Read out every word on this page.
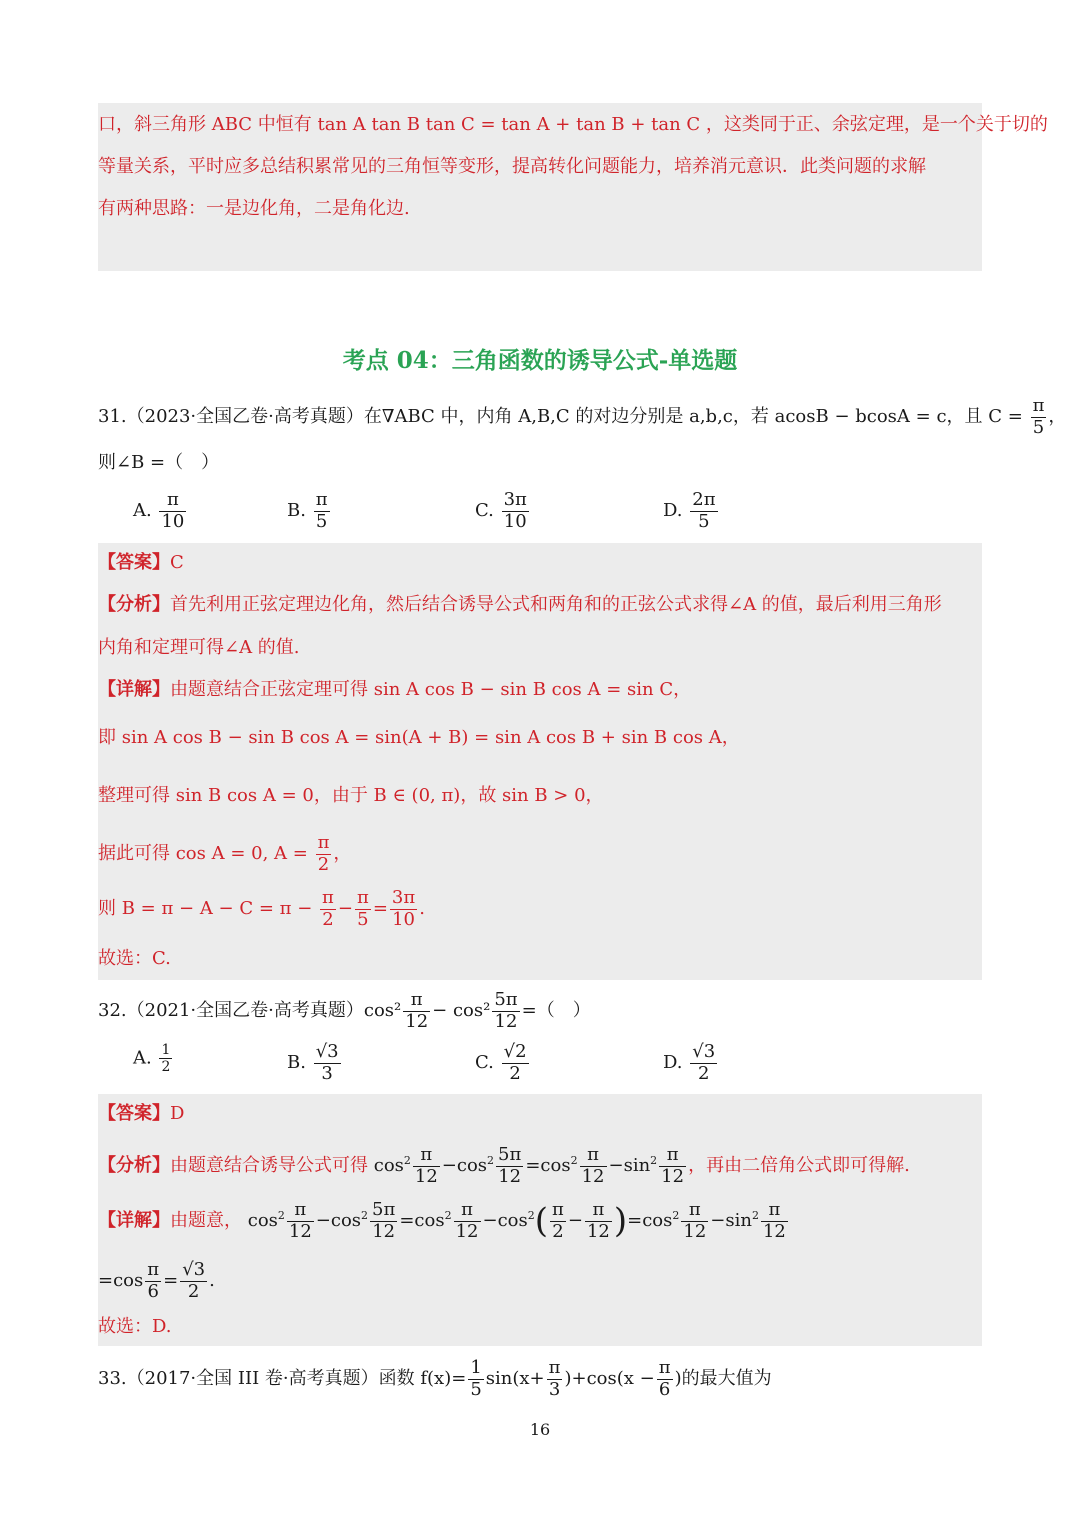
口，斜三角形 ABC 中恒有 tan A tan B tan C = tan A + tan B + tan C ，这类同于正、余弦定理，是一个关于切的
等量关系，平时应多总结积累常见的三角恒等变形，提高转化问题能力，培养消元意识．此类问题的求解
有两种思路：一是边化角，二是角化边.
考点 04：三角函数的诱导公式-单选题
31.（2023·全国乙卷·高考真题）在∇ABC 中，内角 A,B,C 的对边分别是 a,b,c，若 acosB − bcosA = c，且 $C = \frac{\pi}{5}$ ，
则∠B =（　）
A. $\frac{\pi}{10}$	B. $\frac{\pi}{5}$	C. $\frac{3\pi}{10}$	D. $\frac{2\pi}{5}$
【答案】C
【分析】首先利用正弦定理边化角，然后结合诱导公式和两角和的正弦公式求得∠A 的值，最后利用三角形
内角和定理可得∠A 的值.
【详解】由题意结合正弦定理可得 sin A cos B − sin B cos A = sin C，
即 sin A cos B − sin B cos A = sin(A + B) = sin A cos B + sin B cos A，
整理可得 sin B cos A = 0，由于 B ∈ (0, π)，故 sin B > 0，
据此可得 cos A = 0, $A = \frac{\pi}{2}$ ，
则 $B = \pi - A - C = \pi - \frac{\pi}{2} - \frac{\pi}{5} = \frac{3\pi}{10}$ .
故选：C.
32.（2021·全国乙卷·高考真题）$\cos^2 \frac{\pi}{12} - \cos^2 \frac{5\pi}{12}$ =（　）
A. $\frac{1}{2}$	B. $\frac{√3}{3}$	C. $\frac{√2}{2}$	D. $\frac{√3}{2}$
【答案】D
【分析】由题意结合诱导公式可得 $\cos^2 \frac{\pi}{12} -\cos^2 \frac{5\pi}{12} =\cos^2 \frac{\pi}{12} -\sin^2 \frac{\pi}{12}$ ，再由二倍角公式即可得解.
【详解】由题意， $\cos^2 \frac{\pi}{12} -\cos^2 \frac{5\pi}{12} =\cos^2 \frac{\pi}{12} -\cos^2( \frac{\pi}{2} - \frac{\pi}{12} )=\cos^2 \frac{\pi}{12} -\sin^2 \frac{\pi}{12}$
$=\cos \frac{\pi}{6} = \frac{√3}{2}$ .
故选：D.
33.（2017·全国 III 卷·高考真题）函数 $f(x)= \frac{1}{5} \sin(x+ \frac{\pi}{3} )+\cos(x - \frac{\pi}{6}$ )的最大值为
16
